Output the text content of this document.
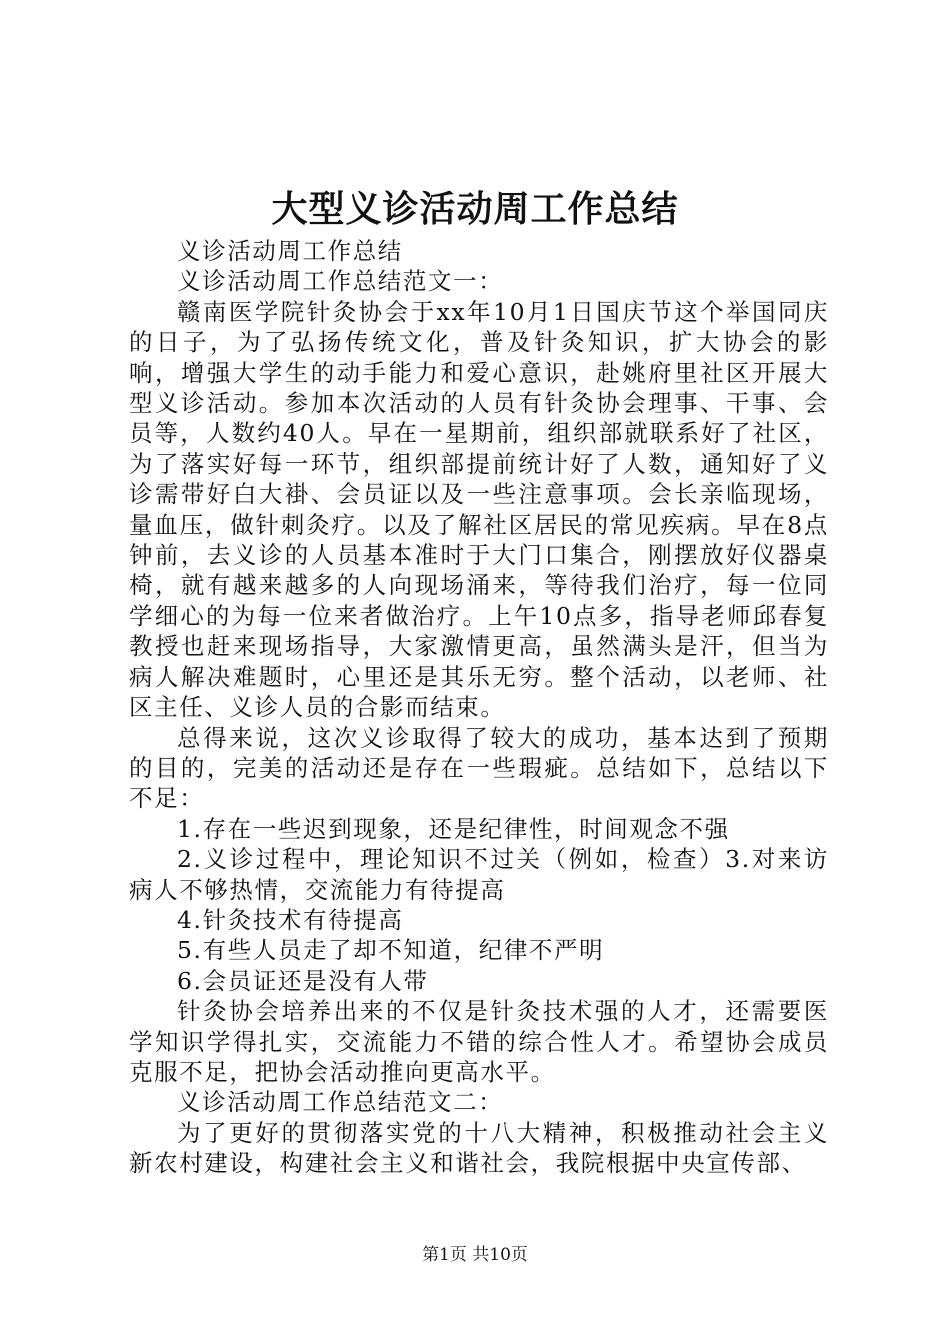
大型义诊活动周工作总结

义诊活动周工作总结

义诊活动周工作总结范文一：

赣南医学院针灸协会于xx年10月1日国庆节这个举国同庆的日子，为了弘扬传统文化，普及针灸知识，扩大协会的影响，增强大学生的动手能力和爱心意识，赴姚府里社区开展大型义诊活动。参加本次活动的人员有针灸协会理事、干事、会员等，人数约40人。早在一星期前，组织部就联系好了社区，为了落实好每一环节，组织部提前统计好了人数，通知好了义诊需带好白大褂、会员证以及一些注意事项。会长亲临现场，量血压，做针刺灸疗。以及了解社区居民的常见疾病。早在8点钟前，去义诊的人员基本准时于大门口集合，刚摆放好仪器桌椅，就有越来越多的人向现场涌来，等待我们治疗，每一位同学细心的为每一位来者做治疗。上午10点多，指导老师邱春复教授也赶来现场指导，大家激情更高，虽然满头是汗，但当为病人解决难题时，心里还是其乐无穷。整个活动，以老师、社区主任、义诊人员的合影而结束。

总得来说，这次义诊取得了较大的成功，基本达到了预期的目的，完美的活动还是存在一些瑕疵。总结如下，总结以下不足：

1.存在一些迟到现象，还是纪律性，时间观念不强

2.义诊过程中，理论知识不过关（例如，检查）3.对来访病人不够热情，交流能力有待提高

4.针灸技术有待提高

5.有些人员走了却不知道，纪律不严明

6.会员证还是没有人带

针灸协会培养出来的不仅是针灸技术强的人才，还需要医学知识学得扎实，交流能力不错的综合性人才。希望协会成员克服不足，把协会活动推向更高水平。

义诊活动周工作总结范文二：

为了更好的贯彻落实党的十八大精神，积极推动社会主义新农村建设，构建社会主义和谐社会，我院根据中央宣传部、

第1页 共10页
